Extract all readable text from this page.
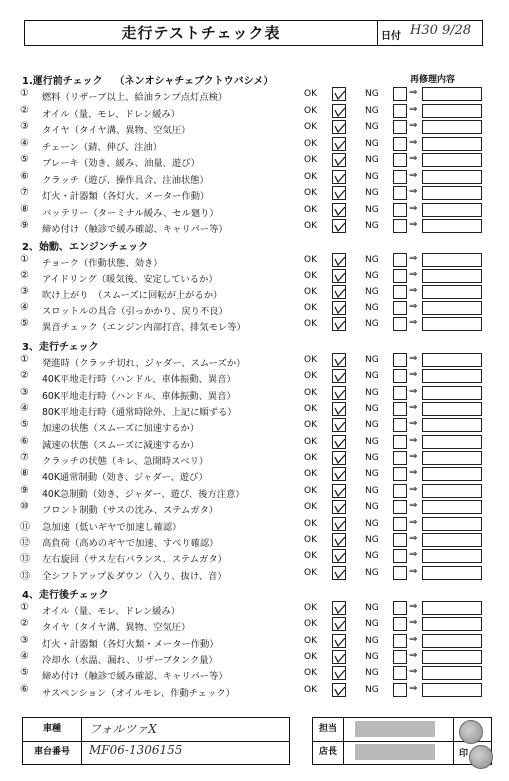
走行テストチェック表	日付 H30 9/28
再修理内容
1.運行前チェック （ネンオシャチェブクトウバシメ）
① 燃料（リザーブ以上、給油ランプ点灯点検）	OK	NG	⇒
② オイル（量、モレ、ドレン緩み）	OK	NG	⇒
③ タイヤ（タイヤ溝、異物、空気圧）	OK	NG	⇒
④ チェーン（錆、伸び、注油）	OK	NG	⇒
⑤ ブレーキ（効き、緩み、油量、遊び）	OK	NG	⇒
⑥ クラッチ（遊び、操作具合、注油状態）	OK	NG	⇒
⑦ 灯火・計器類（各灯火、メーター作動）	OK	NG	⇒
⑧ バッテリー（ターミナル緩み、セル廻り）	OK	NG	⇒
⑨ 締め付け（触診で緩み確認、キャリパー等）	OK	NG	⇒
2、始動、エンジンチェック
① チョーク（作動状態、効き）	OK	NG	⇒
② アイドリング（暖気後、安定しているか）	OK	NG	⇒
③ 吹け上がり　（スムーズに回転が上がるか）	OK	NG	⇒
④ スロットルの具合（引っかかり、戻り不良）	OK	NG	⇒
⑤ 異音チェック（エンジン内部打音、排気モレ等）	OK	NG	⇒
3、走行チェック
① 発進時（クラッチ切れ、ジャダー、スムーズか）	OK	NG	⇒
② 40K平地走行時（ハンドル、車体振動、異音）	OK	NG	⇒
③ 60K平地走行時（ハンドル、車体振動、異音）	OK	NG	⇒
④ 80K平地走行時（通常時除外、上記に順ずる）	OK	NG	⇒
⑤ 加速の状態（スムーズに加速するか）	OK	NG	⇒
⑥ 減速の状態（スムーズに減速するか）	OK	NG	⇒
⑦ クラッチの状態（キレ、急開時スベリ）	OK	NG	⇒
⑧ 40K通常制動（効き、ジャダー、遊び）	OK	NG	⇒
⑨ 40K急制動（効き、ジャダー、遊び、後方注意）	OK	NG	⇒
⑩ フロント制動（サスの沈み、ステムガタ）	OK	NG	⇒
⑪ 急加速（低いギヤで加速し確認）	OK	NG	⇒
⑫ 高負荷（高めのギヤで加速、すべり確認）	OK	NG	⇒
⑬ 左右旋回（サス左右バランス、ステムガタ）	OK	NG	⇒
⑬ 全シフトアップ＆ダウン（入り、抜け、音）	OK	NG	⇒
4、走行後チェック
① オイル（量、モレ、ドレン緩み）	OK	NG	⇒
② タイヤ（タイヤ溝、異物、空気圧）	OK	NG	⇒
③ 灯火・計器類（各灯火類・メーター作動）	OK	NG	⇒
④ 冷却水（水温、漏れ、リザーブタンク量）	OK	NG	⇒
⑤ 締め付け（触診で緩み確認、キャリパー等）	OK	NG	⇒
⑥ サスペンション（オイルモレ、作動チェック）	OK	NG	⇒
車種	フォルツァX
車台番号	MF06-1306155
担当
店長	印
